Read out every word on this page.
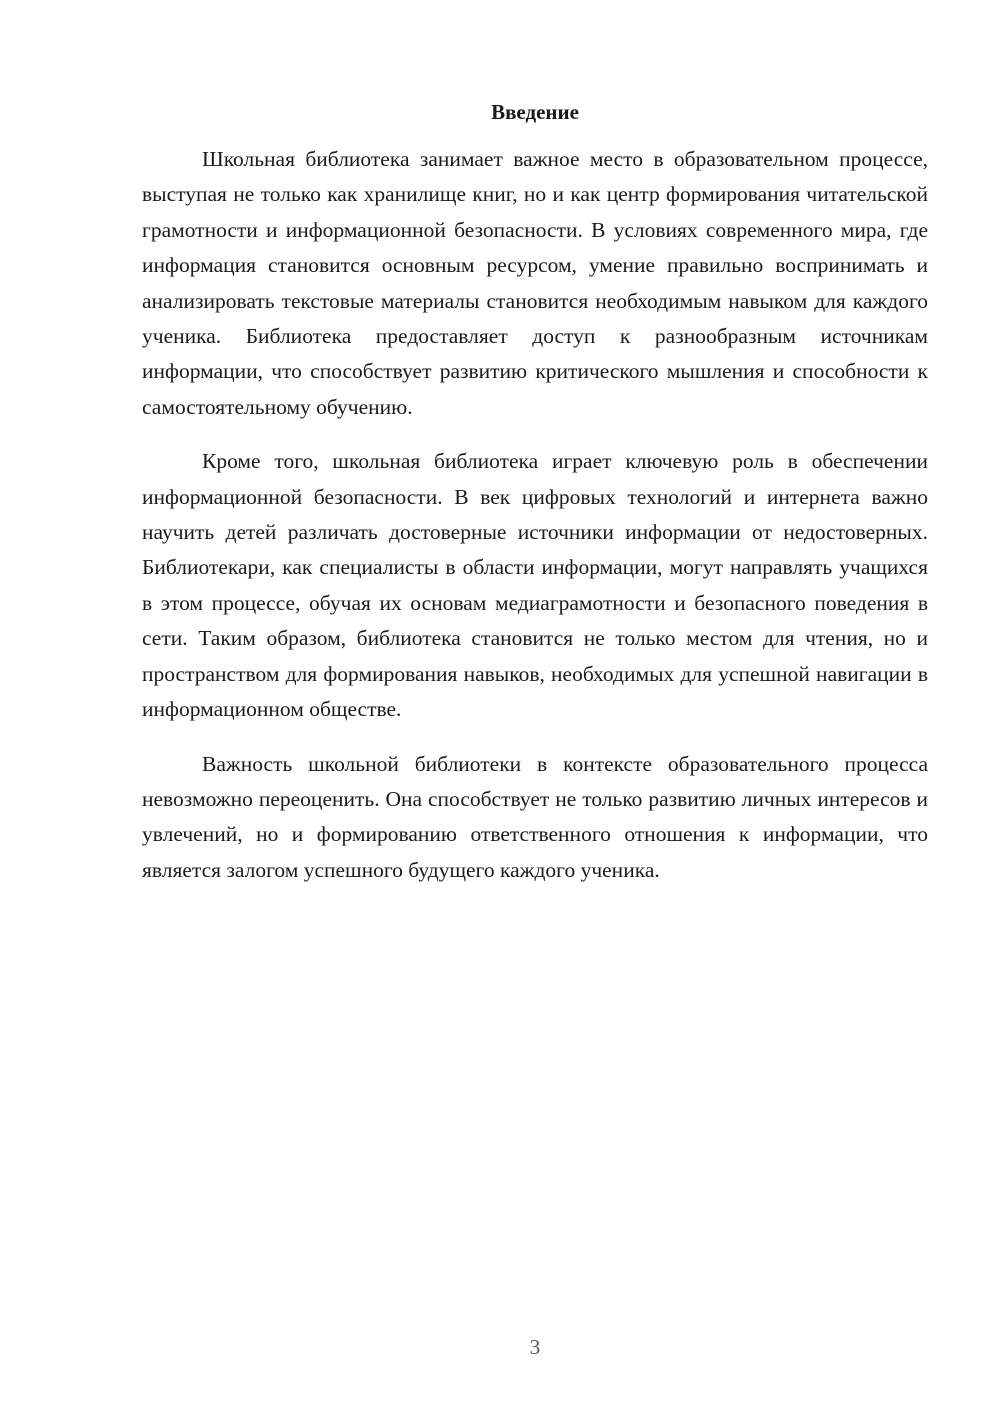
Введение

Школьная библиотека занимает важное место в образовательном процессе, выступая не только как хранилище книг, но и как центр формирования читательской грамотности и информационной безопасности. В условиях современного мира, где информация становится основным ресурсом, умение правильно воспринимать и анализировать текстовые материалы становится необходимым навыком для каждого ученика. Библиотека предоставляет доступ к разнообразным источникам информации, что способствует развитию критического мышления и способности к самостоятельному обучению.

Кроме того, школьная библиотека играет ключевую роль в обеспечении информационной безопасности. В век цифровых технологий и интернета важно научить детей различать достоверные источники информации от недостоверных. Библиотекари, как специалисты в области информации, могут направлять учащихся в этом процессе, обучая их основам медиаграмотности и безопасного поведения в сети. Таким образом, библиотека становится не только местом для чтения, но и пространством для формирования навыков, необходимых для успешной навигации в информационном обществе.

Важность школьной библиотеки в контексте образовательного процесса невозможно переоценить. Она способствует не только развитию личных интересов и увлечений, но и формированию ответственного отношения к информации, что является залогом успешного будущего каждого ученика.

3
